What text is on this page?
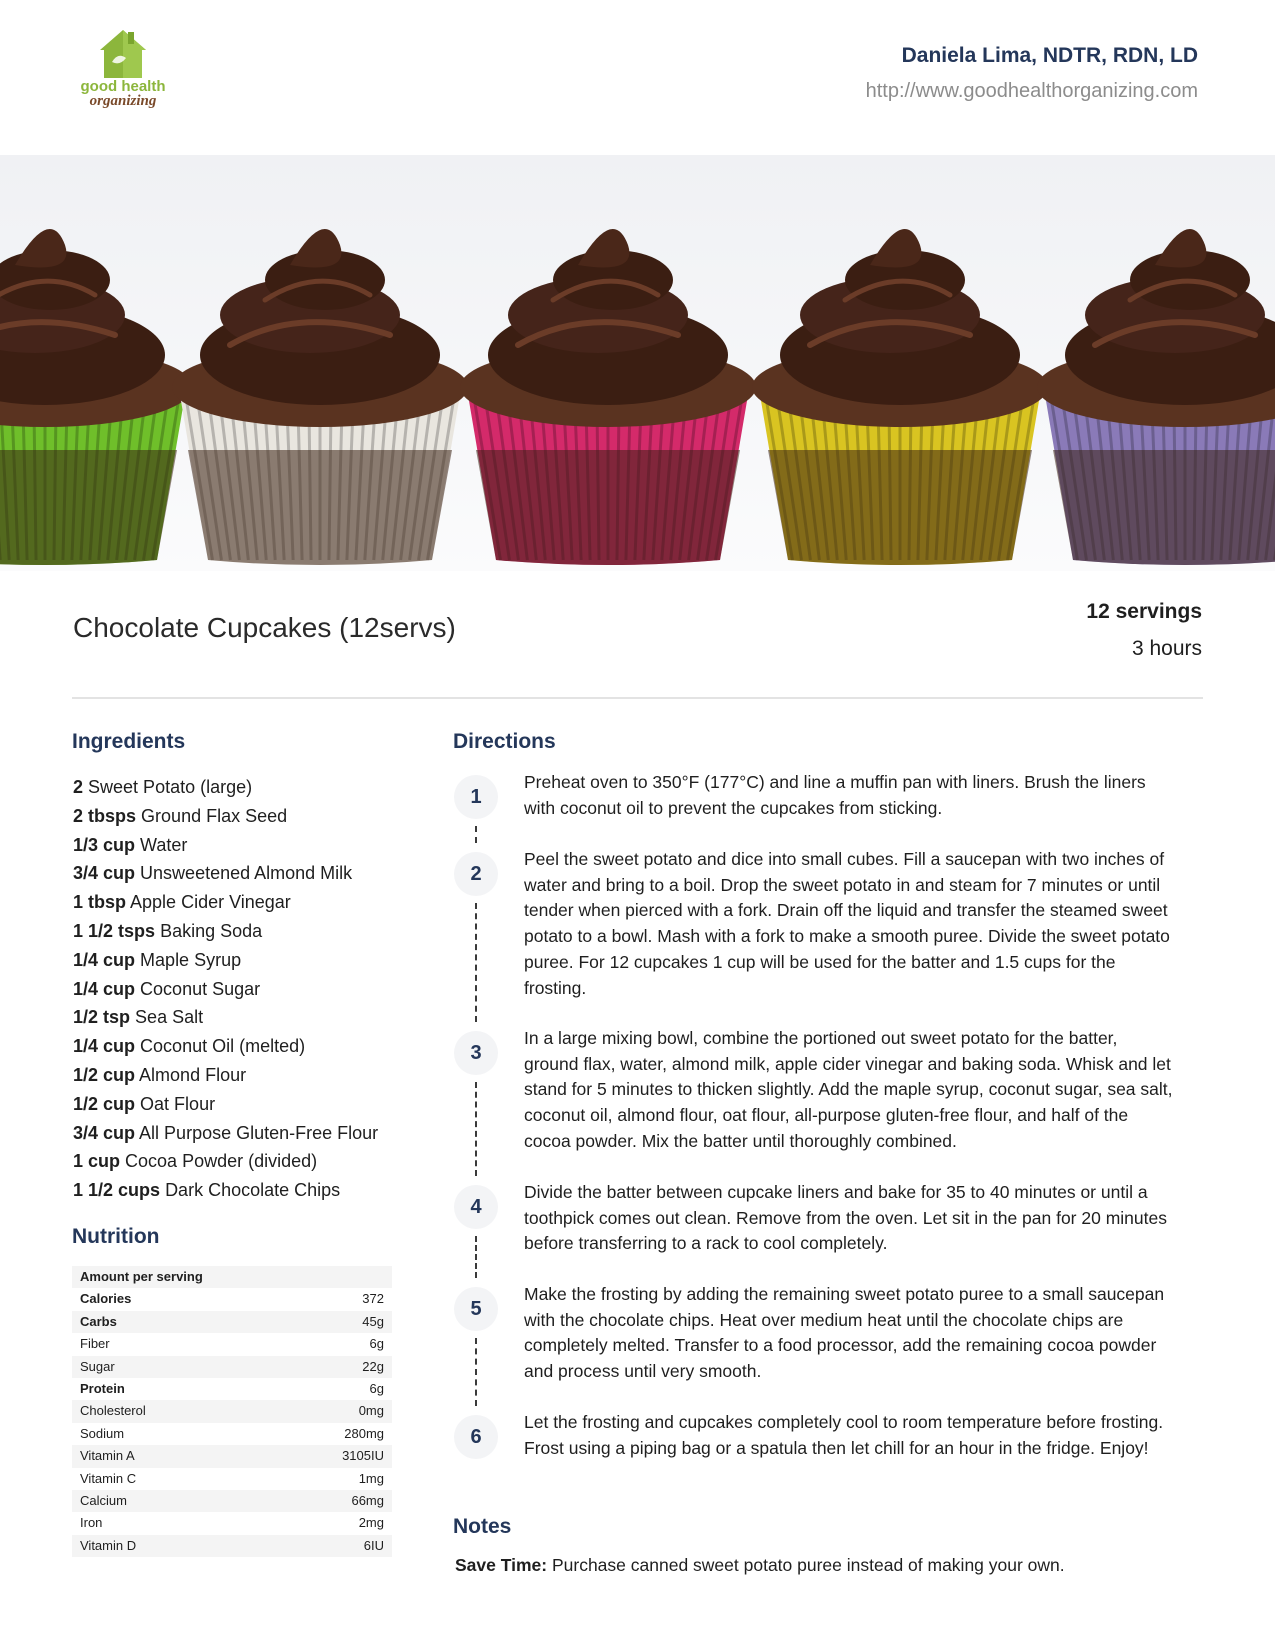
good health
organizing
Daniela Lima, NDTR, RDN, LD
http://www.goodhealthorganizing.com
Chocolate Cupcakes (12servs)
12 servings
3 hours
Ingredients
2 Sweet Potato (large)
2 tbsps Ground Flax Seed
1/3 cup Water
3/4 cup Unsweetened Almond Milk
1 tbsp Apple Cider Vinegar
1 1/2 tsps Baking Soda
1/4 cup Maple Syrup
1/4 cup Coconut Sugar
1/2 tsp Sea Salt
1/4 cup Coconut Oil (melted)
1/2 cup Almond Flour
1/2 cup Oat Flour
3/4 cup All Purpose Gluten-Free Flour
1 cup Cocoa Powder (divided)
1 1/2 cups Dark Chocolate Chips
Nutrition
Amount per serving
Calories	372
Carbs	45g
Fiber	6g
Sugar	22g
Protein	6g
Cholesterol	0mg
Sodium	280mg
Vitamin A	3105IU
Vitamin C	1mg
Calcium	66mg
Iron	2mg
Vitamin D	6IU
Directions
1
Preheat oven to 350°F (177°C) and line a muffin pan with liners. Brush the liners with coconut oil to prevent the cupcakes from sticking.
2
Peel the sweet potato and dice into small cubes. Fill a saucepan with two inches of water and bring to a boil. Drop the sweet potato in and steam for 7 minutes or until tender when pierced with a fork. Drain off the liquid and transfer the steamed sweet potato to a bowl. Mash with a fork to make a smooth puree. Divide the sweet potato puree. For 12 cupcakes 1 cup will be used for the batter and 1.5 cups for the frosting.
3
In a large mixing bowl, combine the portioned out sweet potato for the batter, ground flax, water, almond milk, apple cider vinegar and baking soda. Whisk and let stand for 5 minutes to thicken slightly. Add the maple syrup, coconut sugar, sea salt, coconut oil, almond flour, oat flour, all-purpose gluten-free flour, and half of the cocoa powder. Mix the batter until thoroughly combined.
4
Divide the batter between cupcake liners and bake for 35 to 40 minutes or until a toothpick comes out clean. Remove from the oven. Let sit in the pan for 20 minutes before transferring to a rack to cool completely.
5
Make the frosting by adding the remaining sweet potato puree to a small saucepan with the chocolate chips. Heat over medium heat until the chocolate chips are completely melted. Transfer to a food processor, add the remaining cocoa powder and process until very smooth.
6
Let the frosting and cupcakes completely cool to room temperature before frosting. Frost using a piping bag or a spatula then let chill for an hour in the fridge. Enjoy!
Notes
Save Time: Purchase canned sweet potato puree instead of making your own.
